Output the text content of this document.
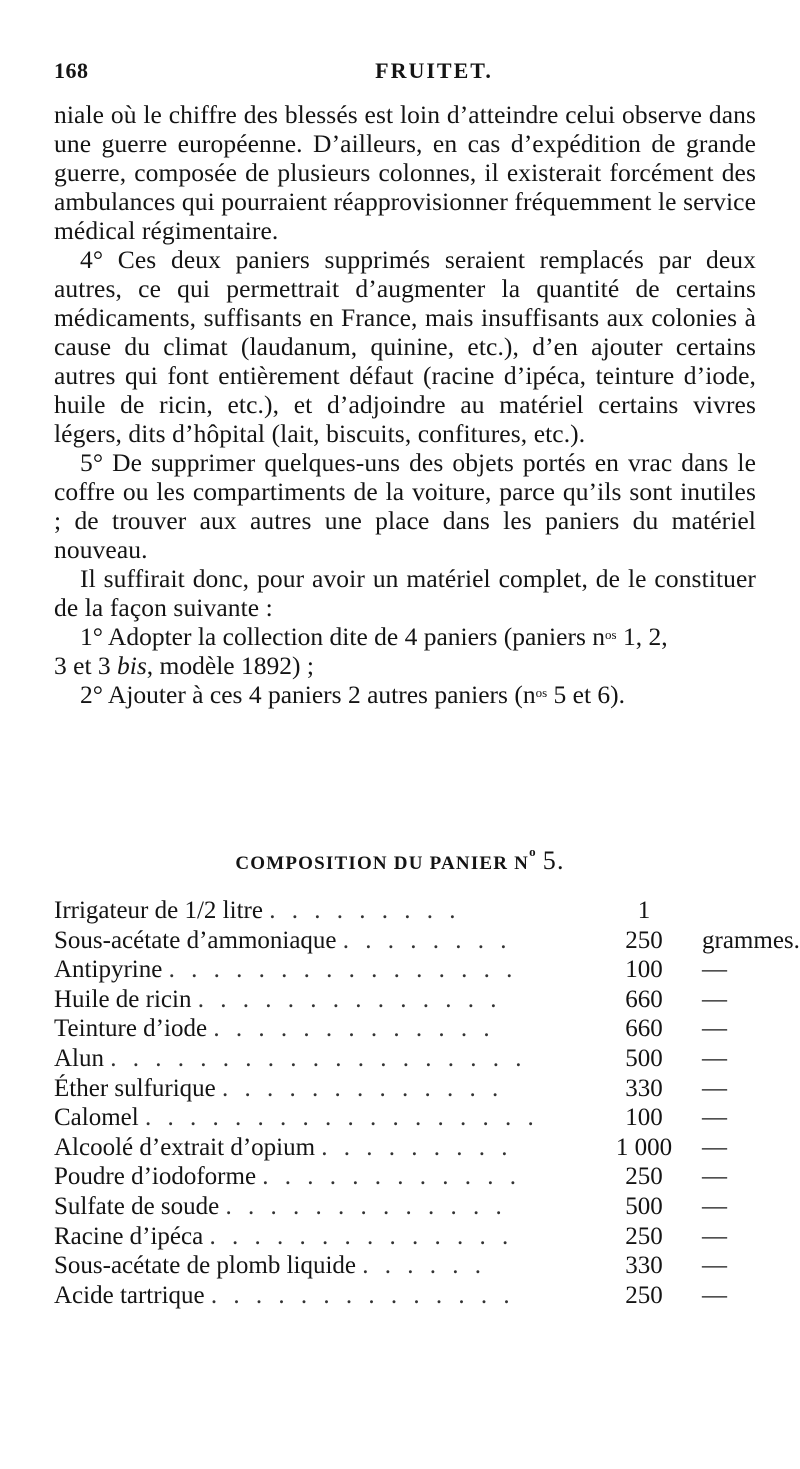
168	FRUITET.

niale où le chiffre des blessés est loin d’atteindre celui observe dans une guerre européenne. D’ailleurs, en cas d’expédition de grande guerre, composée de plusieurs colonnes, il existerait forcément des ambulances qui pourraient réapprovisionner fréquemment le service médical régimentaire.

4° Ces deux paniers supprimés seraient remplacés par deux autres, ce qui permettrait d’augmenter la quantité de certains médicaments, suffisants en France, mais insuffisants aux colonies à cause du climat (laudanum, quinine, etc.), d’en ajouter certains autres qui font entièrement défaut (racine d’ipéca, teinture d’iode, huile de ricin, etc.), et d’adjoindre au matériel certains vivres légers, dits d’hôpital (lait, biscuits, confitures, etc.).

5° De supprimer quelques-uns des objets portés en vrac dans le coffre ou les compartiments de la voiture, parce qu’ils sont inutiles ; de trouver aux autres une place dans les paniers du matériel nouveau.

Il suffirait donc, pour avoir un matériel complet, de le constituer de la façon suivante :

1° Adopter la collection dite de 4 paniers (paniers $n^{os}$ 1, 2,
3 et 3 bis, modèle 1892) ;
2° Ajouter à ces 4 paniers 2 autres paniers ($n^{os}$ 5 et 6).
COMPOSITION DU PANIER $N^o$ 5.
Irrigateur de 1/2 litre . . . . . . . . .	1
Sous-acétate d’ammoniaque . . . . . . . .	250	grammes.
Antipyrine . . . . . . . . . . . . . . . .	100	—
Huile de ricin . . . . . . . . . . . . . .	660	—
Teinture d’iode . . . . . . . . . . . . .	660	—
Alun . . . . . . . . . . . . . . . . . . .	500	—
Éther sulfurique . . . . . . . . . . . . .	330	—
Calomel . . . . . . . . . . . . . . . . . .	100	—
Alcoolé d’extrait d’opium . . . . . . . . .	1 000	—
Poudre d’iodoforme . . . . . . . . . . . .	250	—
Sulfate de soude . . . . . . . . . . . . .	500	—
Racine d’ipéca . . . . . . . . . . . . . .	250	—
Sous-acétate de plomb liquide . . . . . .	330	—
Acide tartrique . . . . . . . . . . . . . .	250	—
